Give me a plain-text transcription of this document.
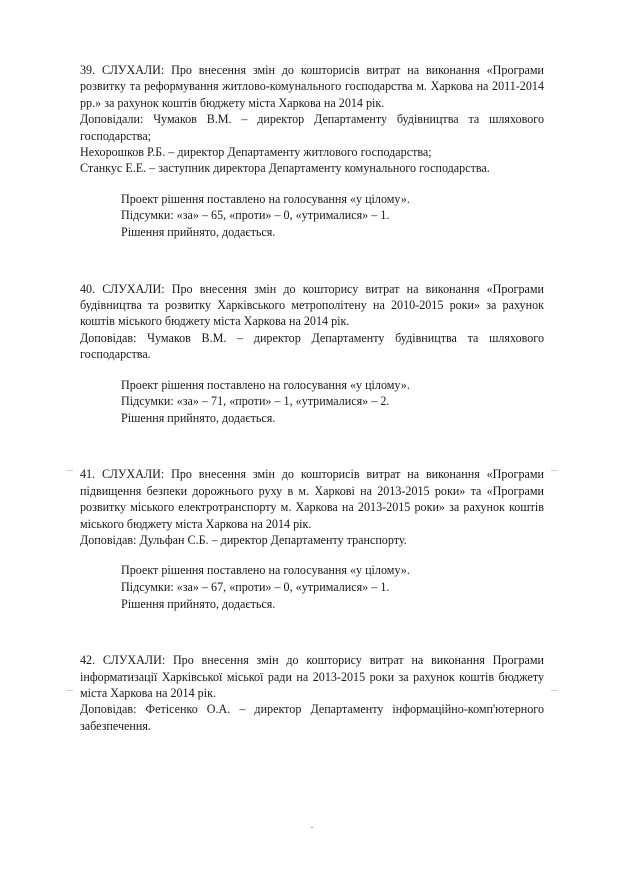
39. СЛУХАЛИ: Про внесення змін до кошторисів витрат на виконання «Програми розвитку та реформування житлово-комунального господарства м. Харкова на 2011-2014 рр.» за рахунок коштів бюджету міста Харкова на 2014 рік.

Доповідали: Чумаков В.М. – директор Департаменту будівництва та шляхового господарства;

Нехорошков Р.Б. – директор Департаменту житлового господарства;

Станкус Е.Е. – заступник директора Департаменту комунального господарства.

Проект рішення поставлено на голосування «у цілому».

Підсумки: «за» – 65, «проти» – 0, «утрималися» – 1.

Рішення прийнято, додається.

40. СЛУХАЛИ: Про внесення змін до кошторису витрат на виконання «Програми будівництва та розвитку Харківського метрополітену на 2010-2015 роки» за рахунок коштів міського бюджету міста Харкова на 2014 рік.

Доповідав: Чумаков В.М. – директор Департаменту будівництва та шляхового господарства.

Проект рішення поставлено на голосування «у цілому».

Підсумки: «за» – 71, «проти» – 1, «утрималися» – 2.

Рішення прийнято, додається.

41. СЛУХАЛИ: Про внесення змін до кошторисів витрат на виконання «Програми підвищення безпеки дорожнього руху в м. Харкові на 2013-2015 роки» та «Програми розвитку міського електротранспорту м. Харкова на 2013-2015 роки» за рахунок коштів міського бюджету міста Харкова на 2014 рік.

Доповідав: Дульфан С.Б. – директор Департаменту транспорту.

Проект рішення поставлено на голосування «у цілому».

Підсумки: «за» – 67, «проти» – 0, «утрималися» – 1.

Рішення прийнято, додається.

42. СЛУХАЛИ: Про внесення змін до кошторису витрат на виконання Програми інформатизації Харківської міської ради на 2013-2015 роки за рахунок коштів бюджету міста Харкова на 2014 рік.

Доповідав: Фетісенко О.А. – директор Департаменту інформаційно-комп'ютерного забезпечення.

.
